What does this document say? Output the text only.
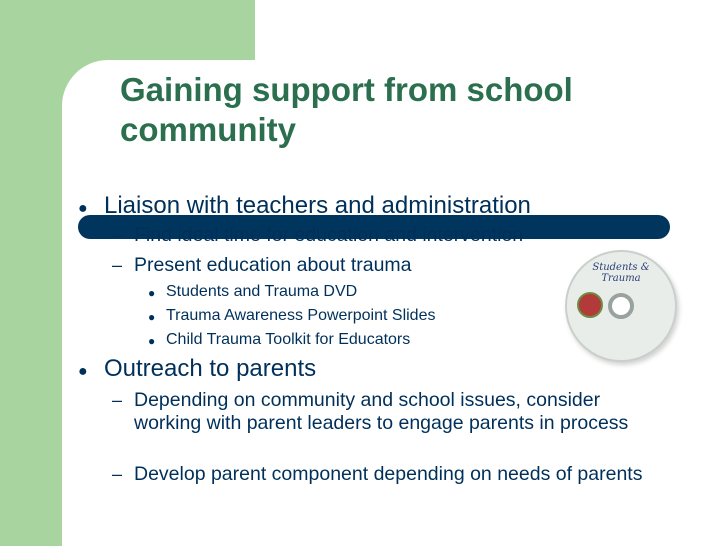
Gaining support from school community
● Liaison with teachers and administration
– Find ideal time for education and intervention
– Present education about trauma
● Students and Trauma DVD
● Trauma Awareness Powerpoint Slides
● Child Trauma Toolkit for Educators
● Outreach to parents
– Depending on community and school issues, consider working with parent leaders to engage parents in process
– Develop parent component depending on needs of parents
Students & Trauma
